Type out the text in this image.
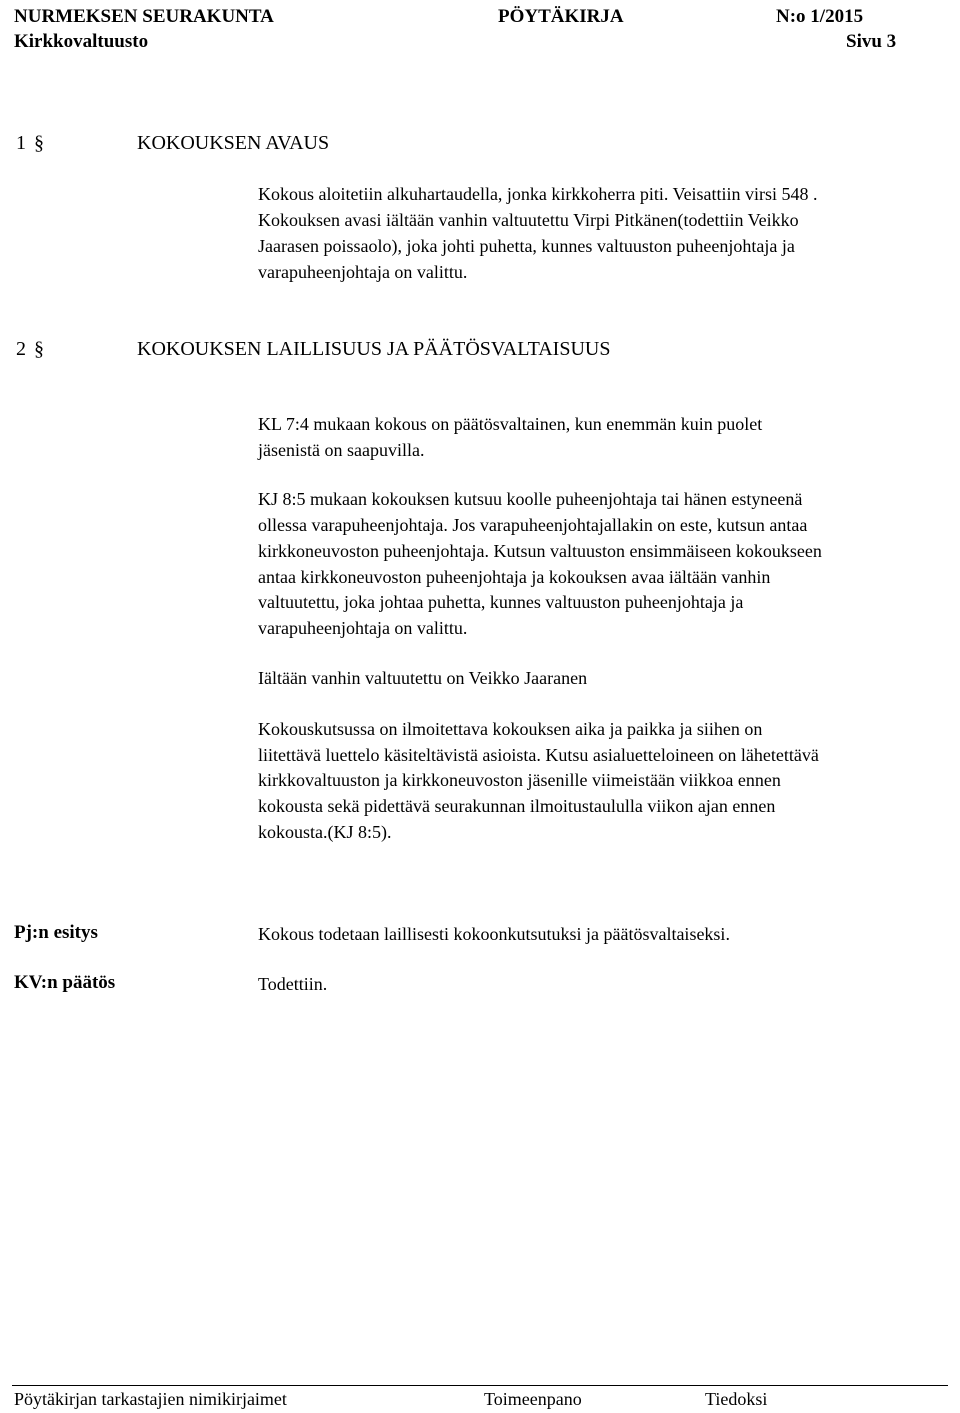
NURMEKSEN SEURAKUNTA	PÖYTÄKIRJA	N:o 1/2015
Kirkkovaltuusto	Sivu 3
1 §	KOKOUKSEN AVAUS
Kokous aloitetiin alkuhartaudella, jonka kirkkoherra piti. Veisattiin virsi 548 .
Kokouksen avasi iältään vanhin valtuutettu Virpi Pitkänen(todettiin Veikko
Jaarasen poissaolo), joka johti puhetta, kunnes valtuuston puheenjohtaja ja
varapuheenjohtaja on valittu.
2 §	KOKOUKSEN LAILLISUUS JA PÄÄTÖSVALTAISUUS
KL 7:4 mukaan kokous on päätösvaltainen, kun enemmän kuin puolet
jäsenistä on saapuvilla.
KJ 8:5 mukaan kokouksen kutsuu koolle puheenjohtaja tai hänen estyneenä
ollessa varapuheenjohtaja. Jos varapuheenjohtajallakin on este, kutsun antaa
kirkkoneuvoston puheenjohtaja. Kutsun valtuuston ensimmäiseen kokoukseen
antaa kirkkoneuvoston puheenjohtaja ja kokouksen avaa iältään vanhin
valtuutettu, joka johtaa puhetta, kunnes valtuuston puheenjohtaja ja
varapuheenjohtaja on valittu.
Iältään vanhin valtuutettu on Veikko Jaaranen
Kokouskutsussa on ilmoitettava kokouksen aika ja paikka ja siihen on
liitettävä luettelo käsiteltävistä asioista. Kutsu asialuetteloineen on lähetettävä
kirkkovaltuuston ja kirkkoneuvoston jäsenille viimeistään viikkoa ennen
kokousta sekä pidettävä seurakunnan ilmoitustaululla viikon ajan ennen
kokousta.(KJ 8:5).
Pj:n esitys	Kokous todetaan laillisesti kokoonkutsutuksi ja päätösvaltaiseksi.
KV:n päätös	Todettiin.
Pöytäkirjan tarkastajien nimikirjaimet	Toimeenpano	Tiedoksi
